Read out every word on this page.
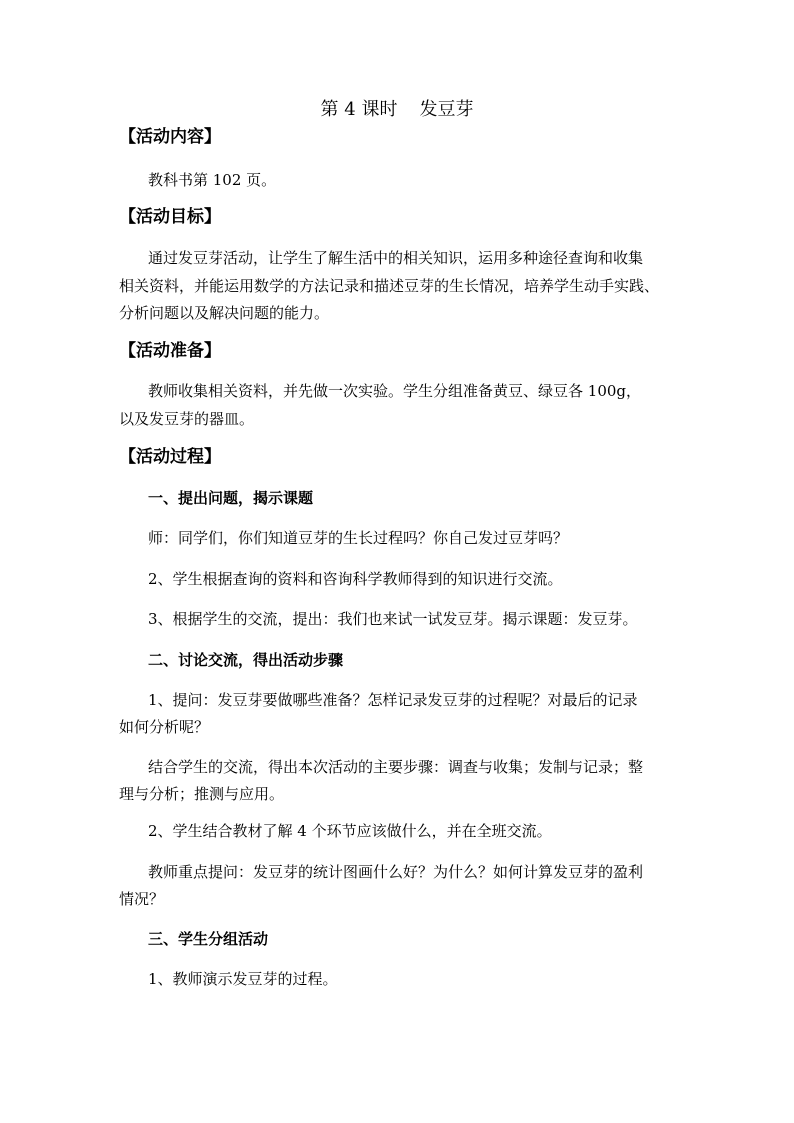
第 4 课时 发豆芽
【活动内容】
教科书第 102 页。
【活动目标】
通过发豆芽活动，让学生了解生活中的相关知识，运用多种途径查询和收集
相关资料，并能运用数学的方法记录和描述豆芽的生长情况，培养学生动手实践、
分析问题以及解决问题的能力。
【活动准备】
教师收集相关资料，并先做一次实验。学生分组准备黄豆、绿豆各 100g，
以及发豆芽的器皿。
【活动过程】
一、提出问题，揭示课题
师：同学们，你们知道豆芽的生长过程吗？你自己发过豆芽吗？
2、学生根据查询的资料和咨询科学教师得到的知识进行交流。
3、根据学生的交流，提出：我们也来试一试发豆芽。揭示课题：发豆芽。
二、讨论交流，得出活动步骤
1、提问：发豆芽要做哪些准备？怎样记录发豆芽的过程呢？对最后的记录
如何分析呢？
结合学生的交流，得出本次活动的主要步骤：调查与收集；发制与记录；整
理与分析；推测与应用。
2、学生结合教材了解 4 个环节应该做什么，并在全班交流。
教师重点提问：发豆芽的统计图画什么好？为什么？如何计算发豆芽的盈利
情况？
三、学生分组活动
1、教师演示发豆芽的过程。
